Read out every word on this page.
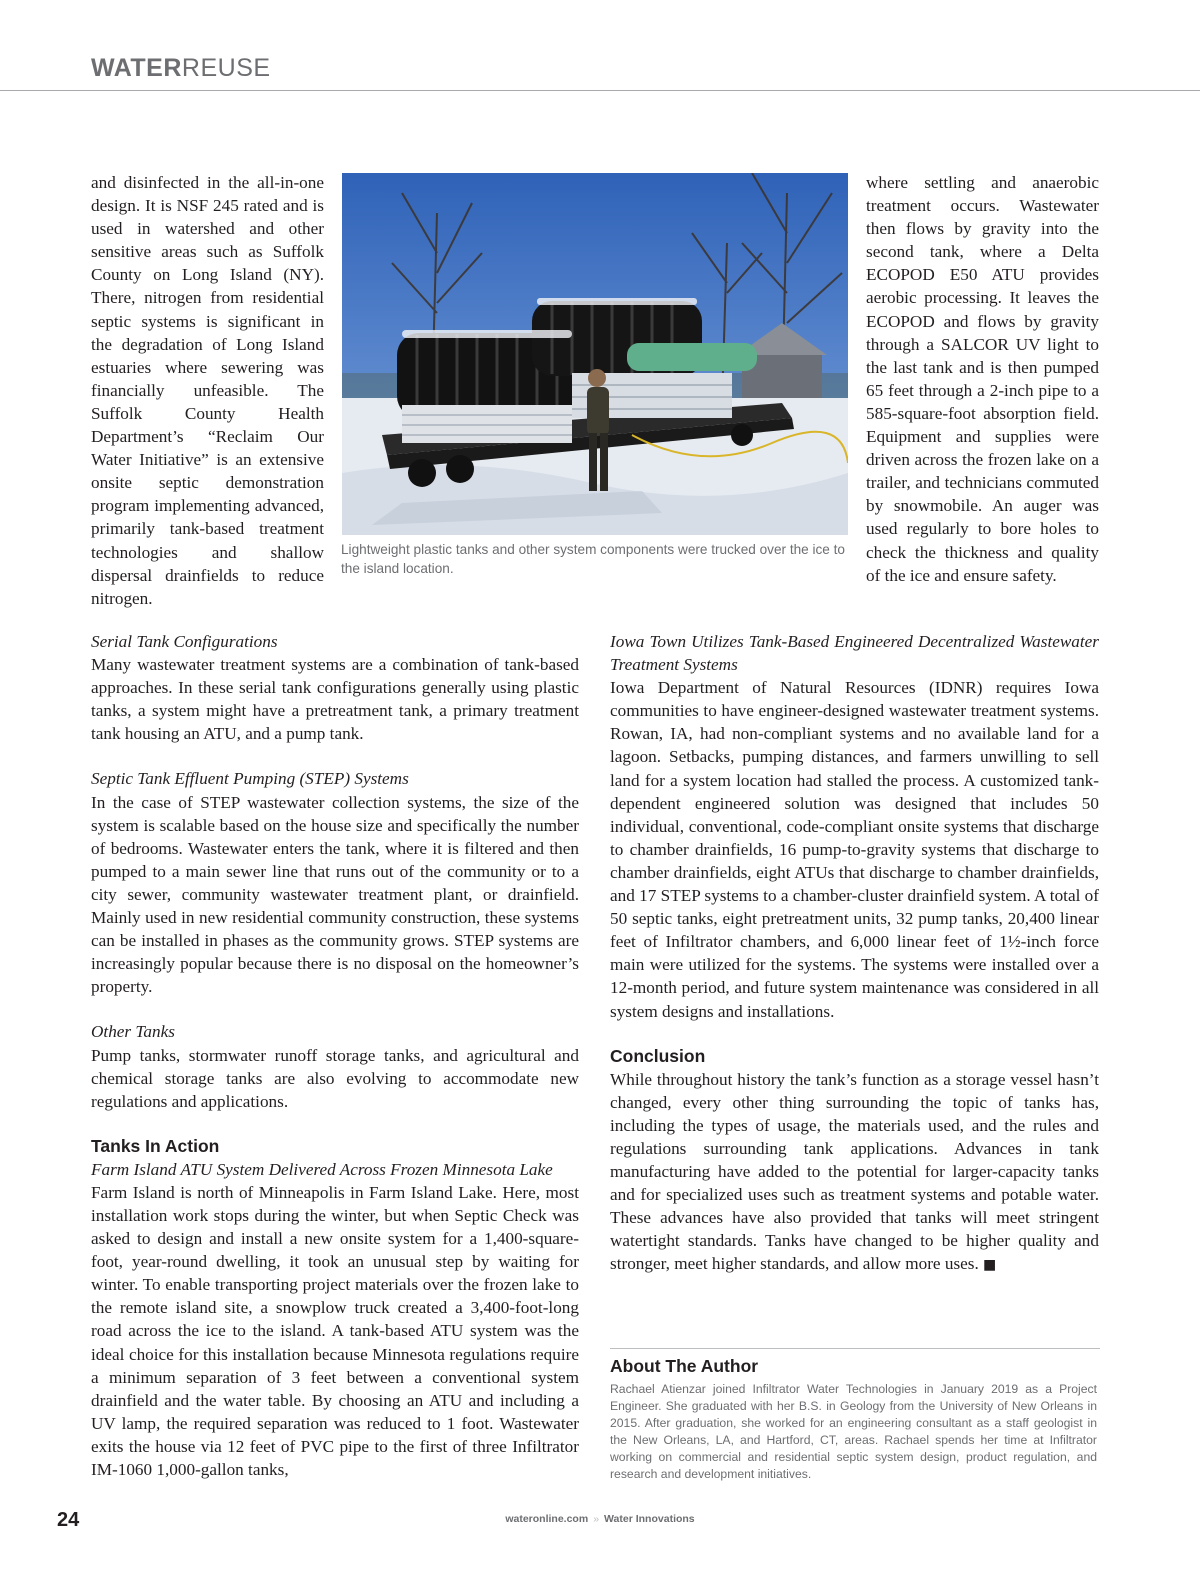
WATERREUSE

and disinfected in the all-in-one design. It is NSF 245 rated and is used in watershed and other sensitive areas such as Suffolk County on Long Island (NY). There, nitrogen from residential septic systems is significant in the degradation of Long Island estuaries where sewering was financially unfeasible. The Suffolk County Health Department’s “Reclaim Our Water Initiative” is an extensive onsite septic demonstration program implementing advanced, primarily tank-based treatment technologies and shallow dispersal drainfields to reduce nitrogen.

Lightweight plastic tanks and other system components were trucked over the ice to the island location.

where settling and anaerobic treatment occurs. Wastewater then flows by gravity into the second tank, where a Delta ECOPOD E50 ATU provides aerobic processing. It leaves the ECOPOD and flows by gravity through a SALCOR UV light to the last tank and is then pumped 65 feet through a 2-inch pipe to a 585-square-foot absorption field. Equipment and supplies were driven across the frozen lake on a trailer, and technicians commuted by snowmobile. An auger was used regularly to bore holes to check the thickness and quality of the ice and ensure safety.

Serial Tank Configurations

Many wastewater treatment systems are a combination of tank-based approaches. In these serial tank configurations generally using plastic tanks, a system might have a pretreatment tank, a primary treatment tank housing an ATU, and a pump tank.

Septic Tank Effluent Pumping (STEP) Systems

In the case of STEP wastewater collection systems, the size of the system is scalable based on the house size and specifically the number of bedrooms. Wastewater enters the tank, where it is filtered and then pumped to a main sewer line that runs out of the community or to a city sewer, community wastewater treatment plant, or drainfield. Mainly used in new residential community construction, these systems can be installed in phases as the community grows. STEP systems are increasingly popular because there is no disposal on the homeowner’s property.

Other Tanks

Pump tanks, stormwater runoff storage tanks, and agricultural and chemical storage tanks are also evolving to accommodate new regulations and applications.

Tanks In Action

Farm Island ATU System Delivered Across Frozen Minnesota Lake

Farm Island is north of Minneapolis in Farm Island Lake. Here, most installation work stops during the winter, but when Septic Check was asked to design and install a new onsite system for a 1,400-square-foot, year-round dwelling, it took an unusual step by waiting for winter. To enable transporting project materials over the frozen lake to the remote island site, a snowplow truck created a 3,400-foot-long road across the ice to the island. A tank-based ATU system was the ideal choice for this installation because Minnesota regulations require a minimum separation of 3 feet between a conventional system drainfield and the water table. By choosing an ATU and including a UV lamp, the required separation was reduced to 1 foot. Wastewater exits the house via 12 feet of PVC pipe to the first of three Infiltrator IM-1060 1,000-gallon tanks,

Iowa Town Utilizes Tank-Based Engineered Decentralized Wastewater Treatment Systems

Iowa Department of Natural Resources (IDNR) requires Iowa communities to have engineer-designed wastewater treatment systems. Rowan, IA, had non-compliant systems and no available land for a lagoon. Setbacks, pumping distances, and farmers unwilling to sell land for a system location had stalled the process. A customized tank-dependent engineered solution was designed that includes 50 individual, conventional, code-compliant onsite systems that discharge to chamber drainfields, 16 pump-to-gravity systems that discharge to chamber drainfields, eight ATUs that discharge to chamber drainfields, and 17 STEP systems to a chamber-cluster drainfield system. A total of 50 septic tanks, eight pretreatment units, 32 pump tanks, 20,400 linear feet of Infiltrator chambers, and 6,000 linear feet of 1½-inch force main were utilized for the systems. The systems were installed over a 12-month period, and future system maintenance was considered in all system designs and installations.

Conclusion

While throughout history the tank’s function as a storage vessel hasn’t changed, every other thing surrounding the topic of tanks has, including the types of usage, the materials used, and the rules and regulations surrounding tank applications. Advances in tank manufacturing have added to the potential for larger-capacity tanks and for specialized uses such as treatment systems and potable water. These advances have also provided that tanks will meet stringent watertight standards. Tanks have changed to be higher quality and stronger, meet higher standards, and allow more uses. ■

About The Author
Rachael Atienzar joined Infiltrator Water Technologies in January 2019 as a Project Engineer. She graduated with her B.S. in Geology from the University of New Orleans in 2015. After graduation, she worked for an engineering consultant as a staff geologist in the New Orleans, LA, and Hartford, CT, areas. Rachael spends her time at Infiltrator working on commercial and residential septic system design, product regulation, and research and development initiatives.
24	wateronline.com » Water Innovations
